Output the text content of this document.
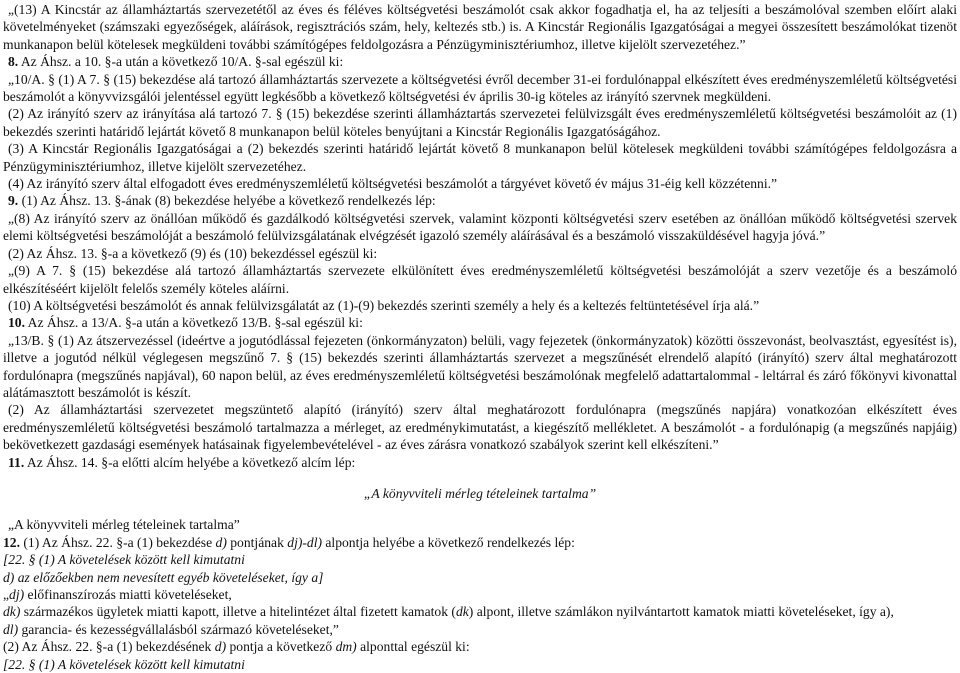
„(13) A Kincstár az államháztartás szervezetétől az éves és féléves költségvetési beszámolót csak akkor fogadhatja el, ha az teljesíti a beszámolóval szemben előírt alaki követelményeket (számszaki egyezőségek, aláírások, regisztrációs szám, hely, keltezés stb.) is. A Kincstár Regionális Igazgatóságai a megyei összesített beszámolókat tizenöt munkanapon belül kötelesek megküldeni további számítógépes feldolgozásra a Pénzügyminisztériumhoz, illetve kijelölt szervezetéhez.”

8. Az Áhsz. a 10. §-a után a következő 10/A. §-sal egészül ki:

„10/A. § (1) A 7. § (15) bekezdése alá tartozó államháztartás szervezete a költségvetési évről december 31-ei fordulónappal elkészített éves eredményszemléletű költségvetési beszámolót a könyvvizsgálói jelentéssel együtt legkésőbb a következő költségvetési év április 30-ig köteles az irányító szervnek megküldeni.

(2) Az irányító szerv az irányítása alá tartozó 7. § (15) bekezdése szerinti államháztartás szervezetei felülvizsgált éves eredményszemléletű költségvetési beszámolóit az (1) bekezdés szerinti határidő lejártát követő 8 munkanapon belül köteles benyújtani a Kincstár Regionális Igazgatóságához.

(3) A Kincstár Regionális Igazgatóságai a (2) bekezdés szerinti határidő lejártát követő 8 munkanapon belül kötelesek megküldeni további számítógépes feldolgozásra a Pénzügyminisztériumhoz, illetve kijelölt szervezetéhez.

(4) Az irányító szerv által elfogadott éves eredményszemléletű költségvetési beszámolót a tárgyévet követő év május 31-éig kell közzétenni.”

9. (1) Az Áhsz. 13. §-ának (8) bekezdése helyébe a következő rendelkezés lép:

„(8) Az irányító szerv az önállóan működő és gazdálkodó költségvetési szervek, valamint központi költségvetési szerv esetében az önállóan működő költségvetési szervek elemi költségvetési beszámolóját a beszámoló felülvizsgálatának elvégzését igazoló személy aláírásával és a beszámoló visszaküldésével hagyja jóvá.”

(2) Az Áhsz. 13. §-a a következő (9) és (10) bekezdéssel egészül ki:

„(9) A 7. § (15) bekezdése alá tartozó államháztartás szervezete elkülönített éves eredményszemléletű költségvetési beszámolóját a szerv vezetője és a beszámoló elkészítéséért kijelölt felelős személy köteles aláírni.

(10) A költségvetési beszámolót és annak felülvizsgálatát az (1)-(9) bekezdés szerinti személy a hely és a keltezés feltüntetésével írja alá.”

10. Az Áhsz. a 13/A. §-a után a következő 13/B. §-sal egészül ki:

„13/B. § (1) Az átszervezéssel (ideértve a jogutódlással fejezeten (önkormányzaton) belüli, vagy fejezetek (önkormányzatok) közötti összevonást, beolvasztást, egyesítést is), illetve a jogutód nélkül véglegesen megszűnő 7. § (15) bekezdés szerinti államháztartás szervezet a megszűnését elrendelő alapító (irányító) szerv által meghatározott fordulónapra (megszűnés napjával), 60 napon belül, az éves eredményszemléletű költségvetési beszámolónak megfelelő adattartalommal - leltárral és záró főkönyvi kivonattal alátámasztott beszámolót is készít.

(2) Az államháztartási szervezetet megszüntető alapító (irányító) szerv által meghatározott fordulónapra (megszűnés napjára) vonatkozóan elkészített éves eredményszemléletű költségvetési beszámoló tartalmazza a mérleget, az eredménykimutatást, a kiegészítő mellékletet. A beszámolót - a fordulónapig (a megszűnés napjáig) bekövetkezett gazdasági események hatásainak figyelembevételével - az éves zárásra vonatkozó szabályok szerint kell elkészíteni.”

11. Az Áhsz. 14. §-a előtti alcím helyébe a következő alcím lép:

„A könyvviteli mérleg tételeinek tartalma”

„A könyvviteli mérleg tételeinek tartalma”

12. (1) Az Áhsz. 22. §-a (1) bekezdése d) pontjának dj)-dl) alpontja helyébe a következő rendelkezés lép:

[22. § (1) A követelések között kell kimutatni

d) az előzőekben nem nevesített egyéb követeléseket, így a]

„dj) előfinanszírozás miatti követeléseket,

dk) származékos ügyletek miatti kapott, illetve a hitelintézet által fizetett kamatok (dk) alpont, illetve számlákon nyilvántartott kamatok miatti követeléseket, így a),

dl) garancia- és kezességvállalásból származó követeléseket,”

(2) Az Áhsz. 22. §-a (1) bekezdésének d) pontja a következő dm) alponttal egészül ki:

[22. § (1) A követelések között kell kimutatni
